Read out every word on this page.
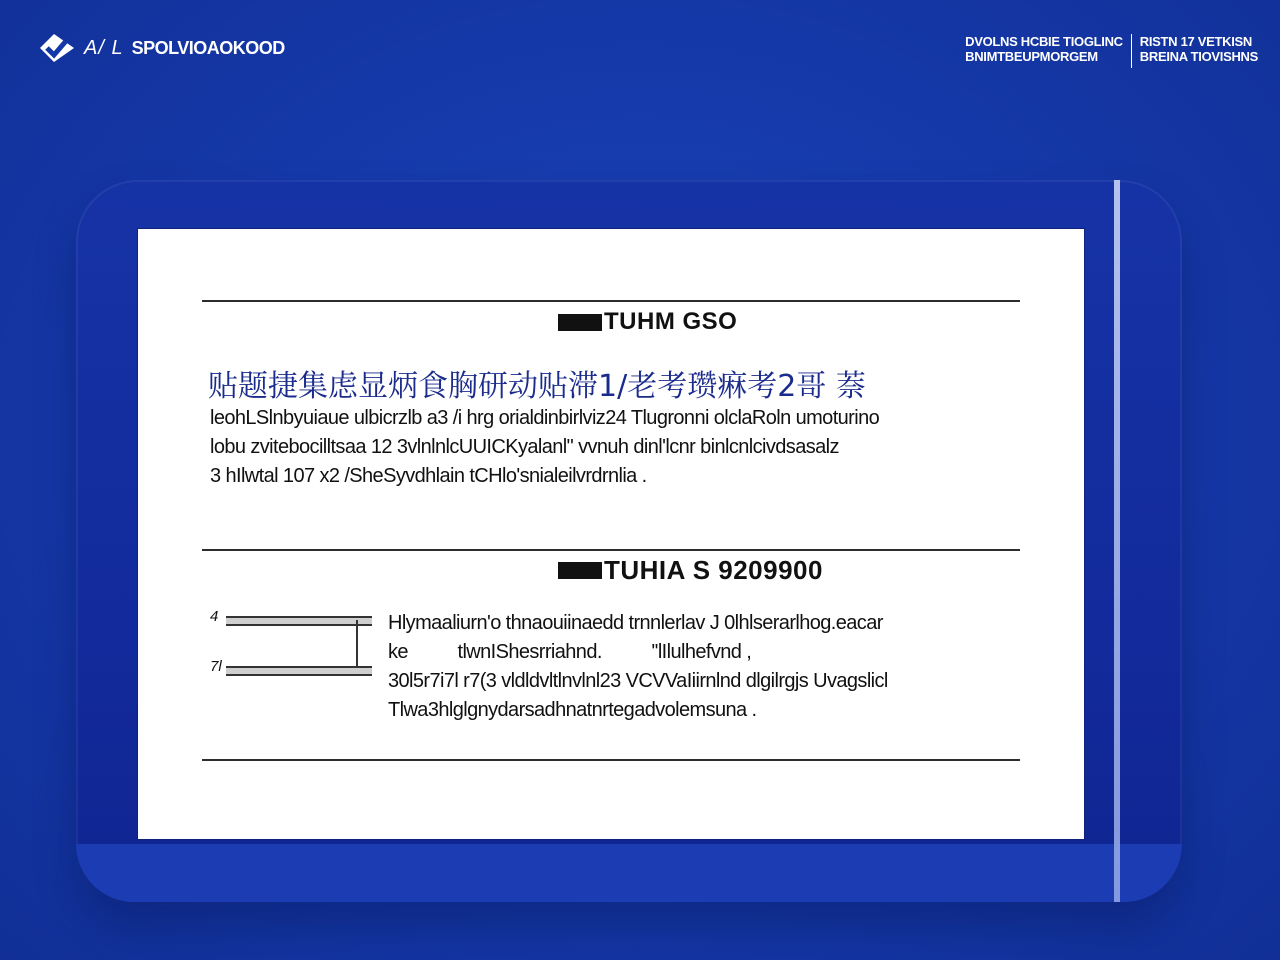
A/ L SPOLVIOAOKOOD	DVOLNS HCBIE TIOGLINC
BNIMTBEUPMORGEM
RISTN 17 VETKISN
BREINA TIOVISHNS
TUHM GSO
贴题捷集虑显炳食胸研动贴滞1/老考瓒痳考2哥 萘
leohLSlnbyuiaue ulbicrzlb a3 /i hrg orialdinbirlviz24 Tlugronni olclaRoln umoturino
lobu zvitebocilltsaa 12 3vlnlnlcUUICKyalanl" vvnuh dinl'lcnr binlcnlcivdsasalz
3 hIlwtal 107 x2 /SheSyvdhlain tCHlo'snialeilvrdrnlia .
TUHIA S 9209900
4
7l
Hlymaaliurn'o thnaouiinaedd trnnlerlav J 0lhlserarlhog.eacar
ke          tlwnIShesrriahnd.          ''lIlulhefvnd ,
30l5r7i7l r7(3 vldldvltlnvlnl23 VCVVaIiirnlnd dlgilrgjs Uvagslicl
Tlwa3hlglgnydarsadhnatnrtegadvolemsuna .
